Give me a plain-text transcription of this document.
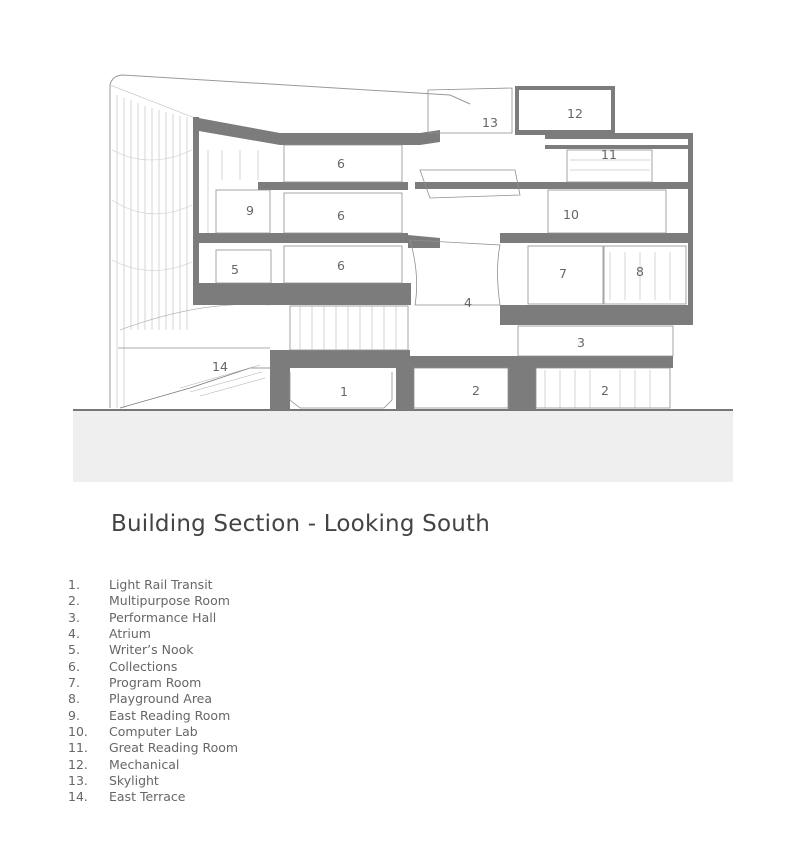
1	2	2
3
4
5
6
6
6
7	8
9	10
11
12
13
14
Building Section - Looking South
1.	Light Rail Transit
2.	Multipurpose Room
3.	Performance Hall
4.	Atrium
5.	Writer’s Nook
6.	Collections
7.	Program Room
8.	Playground Area
9.	East Reading Room
10.	Computer Lab
11.	Great Reading Room
12.	Mechanical
13.	Skylight
14.	East Terrace
